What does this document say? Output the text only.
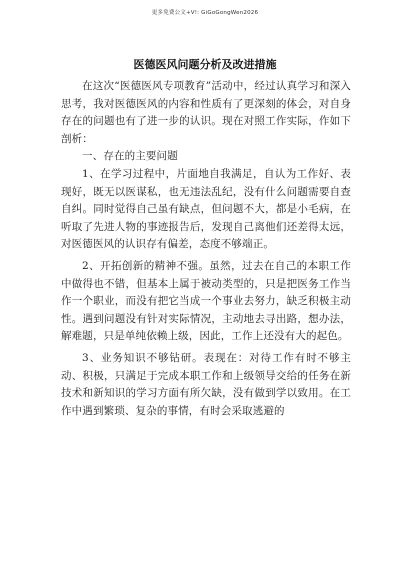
更多免费公文+V!: GiGoGongWen2026
医德医风问题分析及改进措施

在这次“医德医风专项教育”活动中，经过认真学习和深入思考，我对医德医风的内容和性质有了更深刻的体会，对自身存在的问题也有了进一步的认识。现在对照工作实际，作如下剖析：

一、存在的主要问题

1、在学习过程中，片面地自我满足，自认为工作好、表现好，既无以医谋私，也无违法乱纪，没有什么问题需要自查自纠。同时觉得自己虽有缺点，但问题不大，都是小毛病，在听取了先进人物的事迹报告后，发现自己离他们还差得太远，对医德医风的认识存有偏差，态度不够端正。

2、开拓创新的精神不强。虽然，过去在自己的本职工作中做得也不错，但基本上属于被动类型的，只是把医务工作当作一个职业，而没有把它当成一个事业去努力，缺乏积极主动性。遇到问题没有针对实际情况，主动地去寻出路，想办法，解难题，只是单纯依赖上级，因此，工作上还没有大的起色。

3、业务知识不够钻研。表现在：对待工作有时不够主动、积极，只满足于完成本职工作和上级领导交给的任务在新技术和新知识的学习方面有所欠缺，没有做到学以致用。在工作中遇到繁琐、复杂的事情，有时会采取逃避的
